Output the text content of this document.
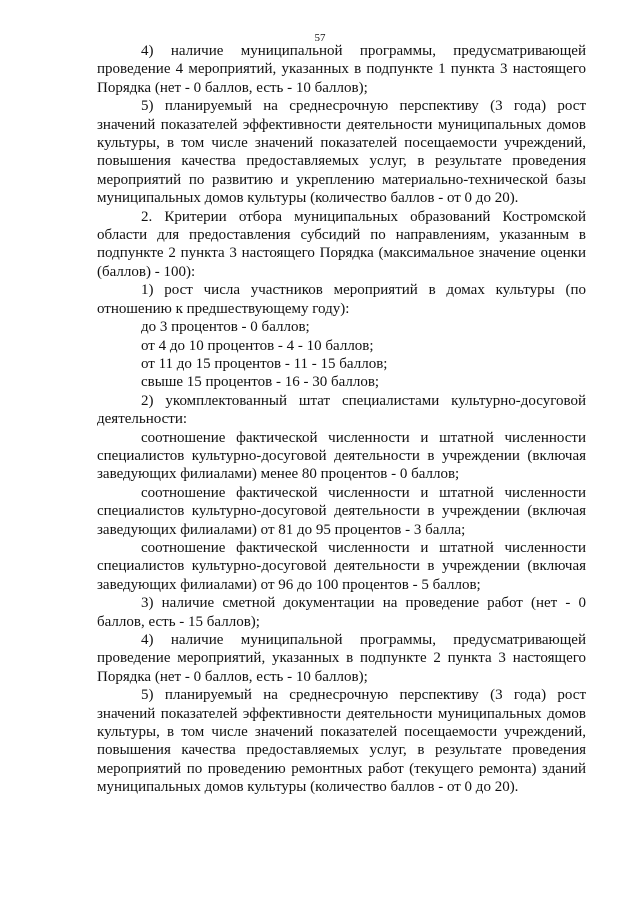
57

4) наличие муниципальной программы, предусматривающей проведение 4 мероприятий, указанных в подпункте 1 пункта 3 настоящего Порядка (нет - 0 баллов, есть - 10 баллов);

5) планируемый на среднесрочную перспективу (3 года) рост значений показателей эффективности деятельности муниципальных домов культуры, в том числе значений показателей посещаемости учреждений, повышения качества предоставляемых услуг, в результате проведения мероприятий по развитию и укреплению материально-технической базы муниципальных домов культуры (количество баллов - от 0 до 20).

2. Критерии отбора муниципальных образований Костромской области для предоставления субсидий по направлениям, указанным в подпункте 2 пункта 3 настоящего Порядка (максимальное значение оценки (баллов) - 100):

1) рост числа участников мероприятий в домах культуры (по отношению к предшествующему году):

до 3 процентов - 0 баллов;

от 4 до 10 процентов - 4 - 10 баллов;

от 11 до 15 процентов - 11 - 15 баллов;

свыше 15 процентов - 16 - 30 баллов;

2) укомплектованный штат специалистами культурно-досуговой деятельности:

соотношение фактической численности и штатной численности специалистов культурно-досуговой деятельности в учреждении (включая заведующих филиалами) менее 80 процентов - 0 баллов;

соотношение фактической численности и штатной численности специалистов культурно-досуговой деятельности в учреждении (включая заведующих филиалами) от 81 до 95 процентов - 3 балла;

соотношение фактической численности и штатной численности специалистов культурно-досуговой деятельности в учреждении (включая заведующих филиалами) от 96 до 100 процентов - 5 баллов;

3) наличие сметной документации на проведение работ (нет - 0 баллов, есть - 15 баллов);

4) наличие муниципальной программы, предусматривающей проведение мероприятий, указанных в подпункте 2 пункта 3 настоящего Порядка (нет - 0 баллов, есть - 10 баллов);

5) планируемый на среднесрочную перспективу (3 года) рост значений показателей эффективности деятельности муниципальных домов культуры, в том числе значений показателей посещаемости учреждений, повышения качества предоставляемых услуг, в результате проведения мероприятий по проведению ремонтных работ (текущего ремонта) зданий муниципальных домов культуры (количество баллов - от 0 до 20).
